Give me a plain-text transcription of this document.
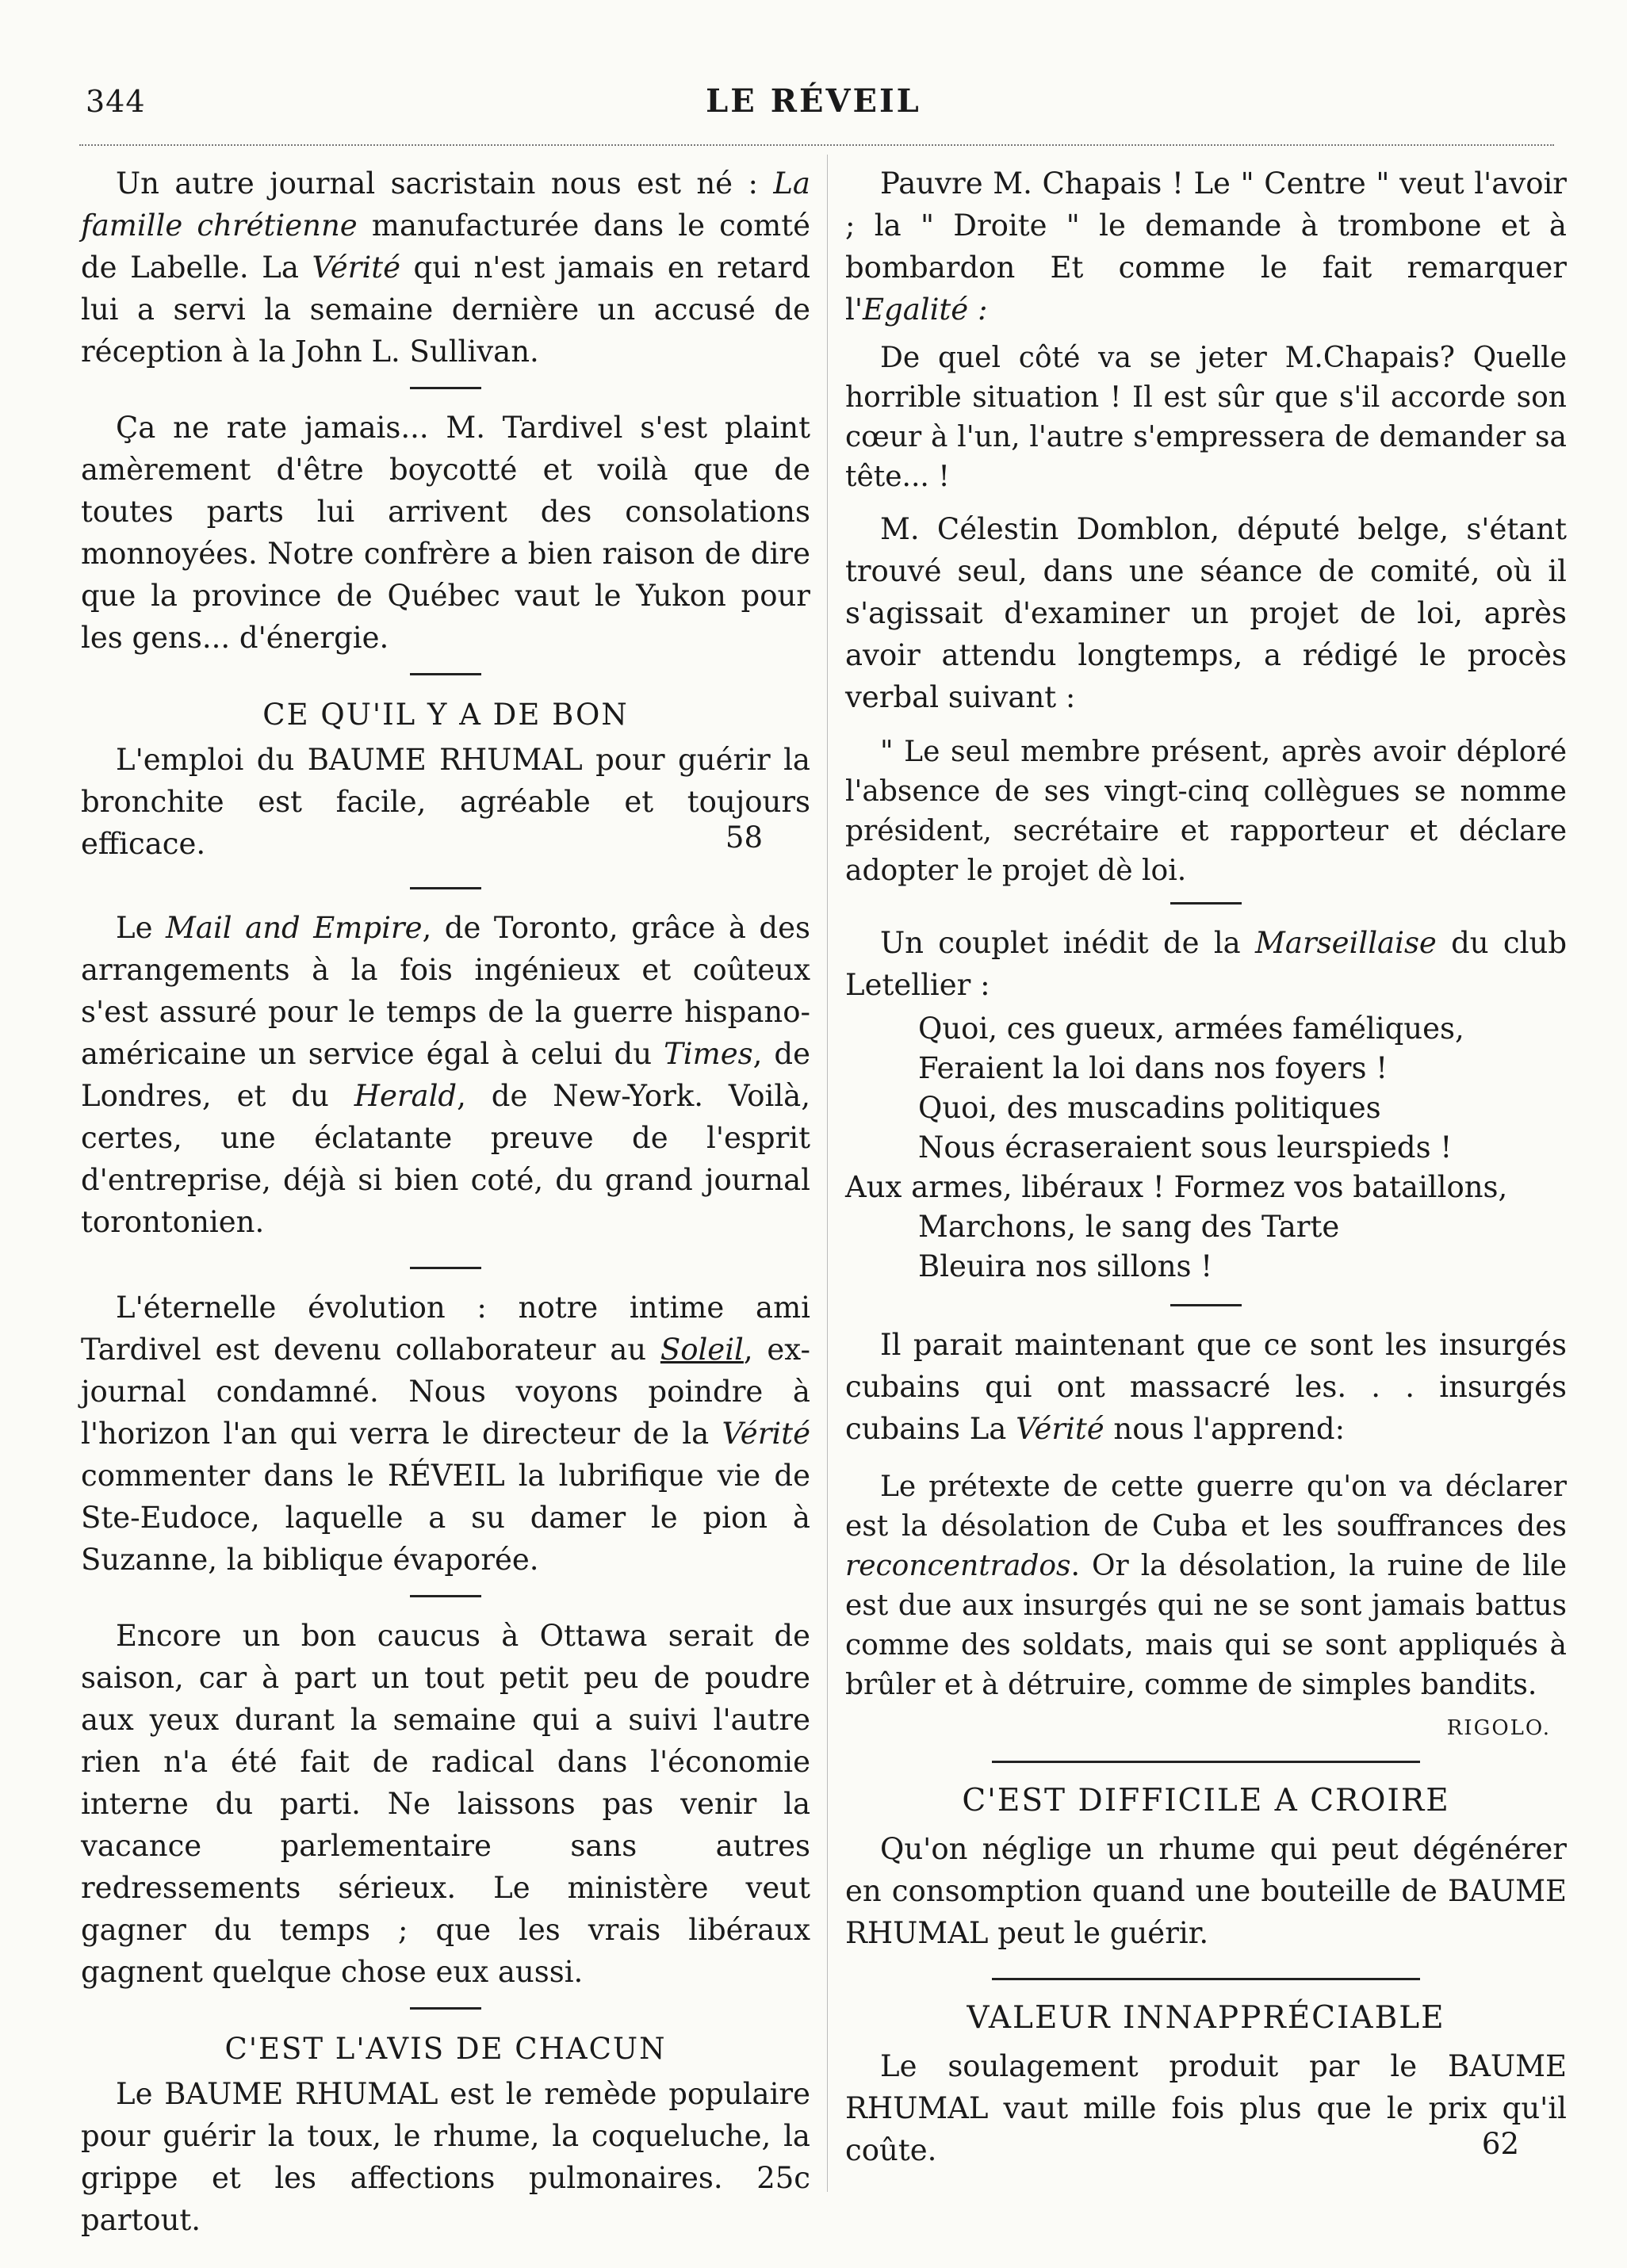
344	LE RÉVEIL

Un autre journal sacristain nous est né : La famille chrétienne manufacturée dans le comté de Labelle. La Vérité qui n'est jamais en retard lui a servi la semaine dernière un accusé de réception à la John L. Sullivan.

Ça ne rate jamais... M. Tardivel s'est plaint amèrement d'être boycotté et voilà que de toutes parts lui arrivent des consolations monnoyées. Notre confrère a bien raison de dire que la province de Québec vaut le Yukon pour les gens... d'énergie.

CE QU'IL Y A DE BON

L'emploi du BAUME RHUMAL pour guérir la bronchite est facile, agréable et toujours efficace.	58

Le Mail and Empire, de Toronto, grâce à des arrangements à la fois ingénieux et coûteux s'est assuré pour le temps de la guerre hispano-américaine un service égal à celui du Times, de Londres, et du Herald, de New-York. Voilà, certes, une éclatante preuve de l'esprit d'entreprise, déjà si bien coté, du grand journal torontonien.

L'éternelle évolution : notre intime ami Tardivel est devenu collaborateur au Soleil, ex-journal condamné. Nous voyons poindre à l'horizon l'an qui verra le directeur de la Vérité commenter dans le RÉVEIL la lubrifique vie de Ste-Eudoce, laquelle a su damer le pion à Suzanne, la biblique évaporée.

Encore un bon caucus à Ottawa serait de saison, car à part un tout petit peu de poudre aux yeux durant la semaine qui a suivi l'autre rien n'a été fait de radical dans l'économie interne du parti. Ne laissons pas venir la vacance parlementaire sans autres redressements sérieux. Le ministère veut gagner du temps ; que les vrais libéraux gagnent quelque chose eux aussi.

C'EST L'AVIS DE CHACUN

Le BAUME RHUMAL est le remède populaire pour guérir la toux, le rhume, la coqueluche, la grippe et les affections pulmonaires. 25c partout.

Pauvre M. Chapais ! Le " Centre " veut l'avoir ; la " Droite " le demande à trombone et à bombardon Et comme le fait remarquer l'Egalité :

De quel côté va se jeter M.Chapais? Quelle horrible situation ! Il est sûr que s'il accorde son cœur à l'un, l'autre s'empressera de demander sa tête... !

M. Célestin Domblon, député belge, s'étant trouvé seul, dans une séance de comité, où il s'agissait d'examiner un projet de loi, après avoir attendu longtemps, a rédigé le procès verbal suivant :

" Le seul membre présent, après avoir déploré l'absence de ses vingt-cinq collègues se nomme président, secrétaire et rapporteur et déclare adopter le projet dè loi.

Un couplet inédit de la Marseillaise du club Letellier :

Quoi, ces gueux, armées faméliques,
Feraient la loi dans nos foyers !
Quoi, des muscadins politiques
Nous écraseraient sous leurspieds !
Aux armes, libéraux ! Formez vos bataillons,
Marchons, le sang des Tarte
Bleuira nos sillons !

Il parait maintenant que ce sont les insurgés cubains qui ont massacré les. . . insurgés cubains La Vérité nous l'apprend:

Le prétexte de cette guerre qu'on va déclarer est la désolation de Cuba et les souffrances des reconcentrados. Or la désolation, la ruine de lile est due aux insurgés qui ne se sont jamais battus comme des soldats, mais qui se sont appliqués à brûler et à détruire, comme de simples bandits.

RIGOLO.
C'EST DIFFICILE A CROIRE

Qu'on néglige un rhume qui peut dégénérer en consomption quand une bouteille de BAUME RHUMAL peut le guérir.

VALEUR INNAPPRÉCIABLE

Le soulagement produit par le BAUME RHUMAL vaut mille fois plus que le prix qu'il coûte.	62
